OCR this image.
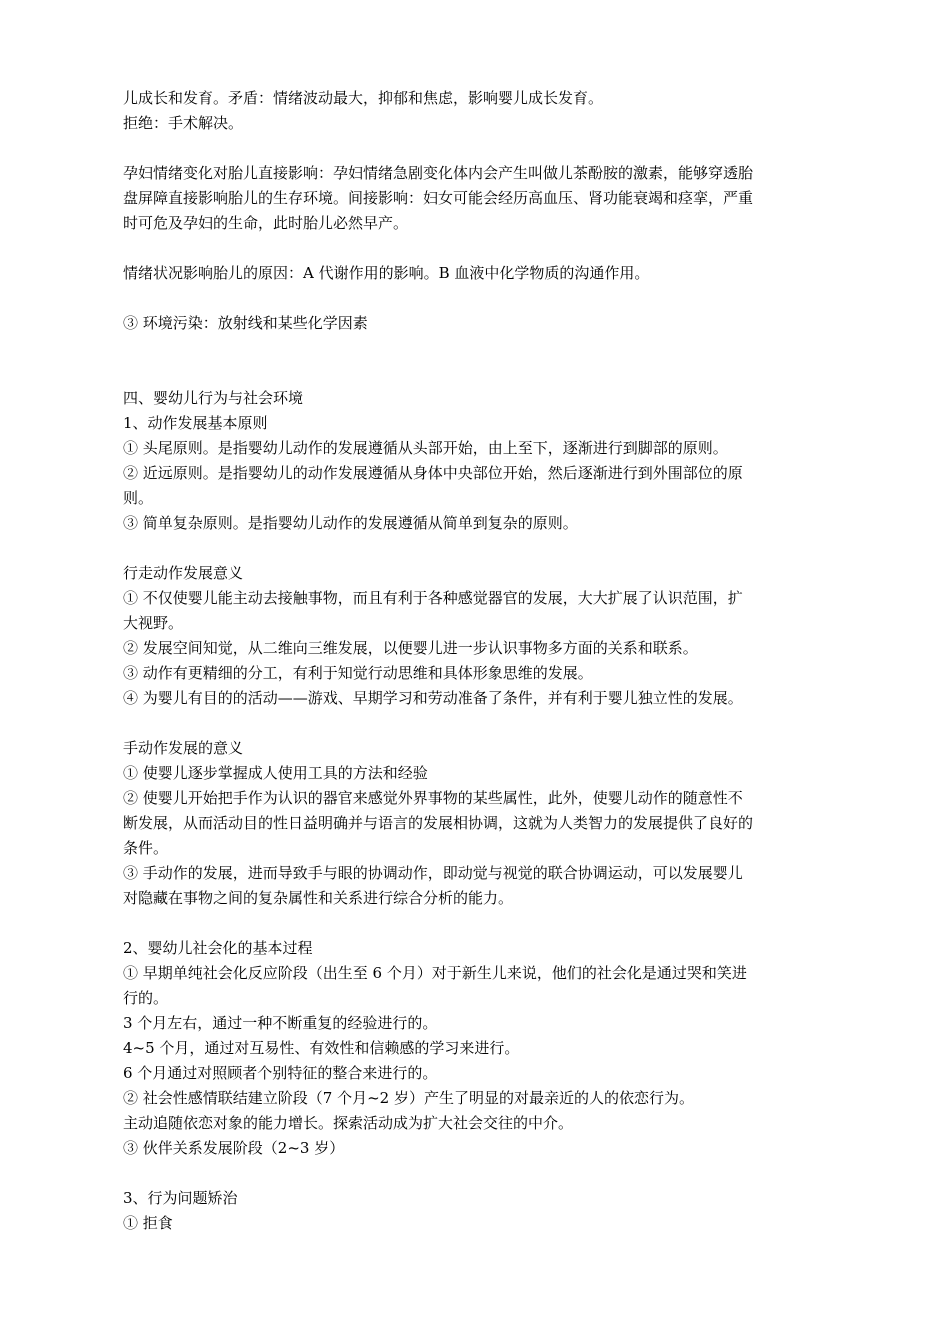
儿成长和发育。矛盾：情绪波动最大，抑郁和焦虑，影响婴儿成长发育。
拒绝：手术解决。
孕妇情绪变化对胎儿直接影响：孕妇情绪急剧变化体内会产生叫做儿茶酚胺的激素，能够穿透胎
盘屏障直接影响胎儿的生存环境。间接影响：妇女可能会经历高血压、肾功能衰竭和痉挛，严重
时可危及孕妇的生命，此时胎儿必然早产。
情绪状况影响胎儿的原因：A 代谢作用的影响。B 血液中化学物质的沟通作用。
③ 环境污染：放射线和某些化学因素
四、婴幼儿行为与社会环境
1、动作发展基本原则
① 头尾原则。是指婴幼儿动作的发展遵循从头部开始，由上至下，逐渐进行到脚部的原则。
② 近远原则。是指婴幼儿的动作发展遵循从身体中央部位开始，然后逐渐进行到外围部位的原
则。
③ 简单复杂原则。是指婴幼儿动作的发展遵循从简单到复杂的原则。
行走动作发展意义
① 不仅使婴儿能主动去接触事物，而且有利于各种感觉器官的发展，大大扩展了认识范围，扩
大视野。
② 发展空间知觉，从二维向三维发展，以便婴儿进一步认识事物多方面的关系和联系。
③ 动作有更精细的分工，有利于知觉行动思维和具体形象思维的发展。
④ 为婴儿有目的的活动——游戏、早期学习和劳动准备了条件，并有利于婴儿独立性的发展。
手动作发展的意义
① 使婴儿逐步掌握成人使用工具的方法和经验
② 使婴儿开始把手作为认识的器官来感觉外界事物的某些属性，此外，使婴儿动作的随意性不
断发展，从而活动目的性日益明确并与语言的发展相协调，这就为人类智力的发展提供了良好的
条件。
③ 手动作的发展，进而导致手与眼的协调动作，即动觉与视觉的联合协调运动，可以发展婴儿
对隐藏在事物之间的复杂属性和关系进行综合分析的能力。
2、婴幼儿社会化的基本过程
① 早期单纯社会化反应阶段（出生至 6 个月）对于新生儿来说，他们的社会化是通过哭和笑进
行的。
3 个月左右，通过一种不断重复的经验进行的。
4~5 个月，通过对互易性、有效性和信赖感的学习来进行。
6 个月通过对照顾者个别特征的整合来进行的。
② 社会性感情联结建立阶段（7 个月~2 岁）产生了明显的对最亲近的人的依恋行为。
主动追随依恋对象的能力增长。探索活动成为扩大社会交往的中介。
③ 伙伴关系发展阶段（2~3 岁）
3、行为问题矫治
① 拒食
